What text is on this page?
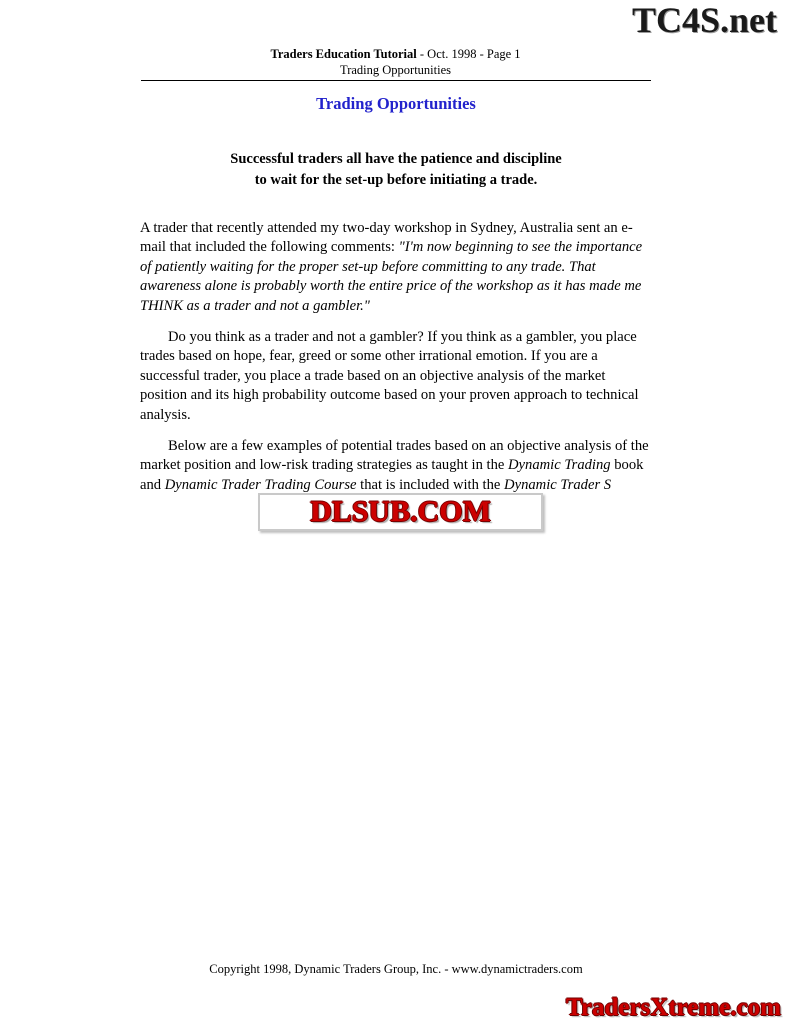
TC4S.net
Traders Education Tutorial - Oct. 1998 - Page 1
Trading Opportunities
Trading Opportunities
Successful traders all have the patience and discipline
to wait for the set-up before initiating a trade.

A trader that recently attended my two-day workshop in Sydney, Australia sent an e-mail that included the following comments: "I'm now beginning to see the importance of patiently waiting for the proper set-up before committing to any trade. That awareness alone is probably worth the entire price of the workshop as it has made me THINK as a trader and not a gambler."

Do you think as a trader and not a gambler? If you think as a gambler, you place trades based on hope, fear, greed or some other irrational emotion. If you are a successful trader, you place a trade based on an objective analysis of the market position and its high probability outcome based on your proven approach to technical analysis.

Below are a few examples of potential trades based on an objective analysis of the market position and low-risk trading strategies as taught in the Dynamic Trading book and Dynamic Trader Trading Course that is included with the Dynamic Trader S

DLSUB.COM
Copyright 1998, Dynamic Traders Group, Inc. - www.dynamictraders.com
TradersXtreme.com
